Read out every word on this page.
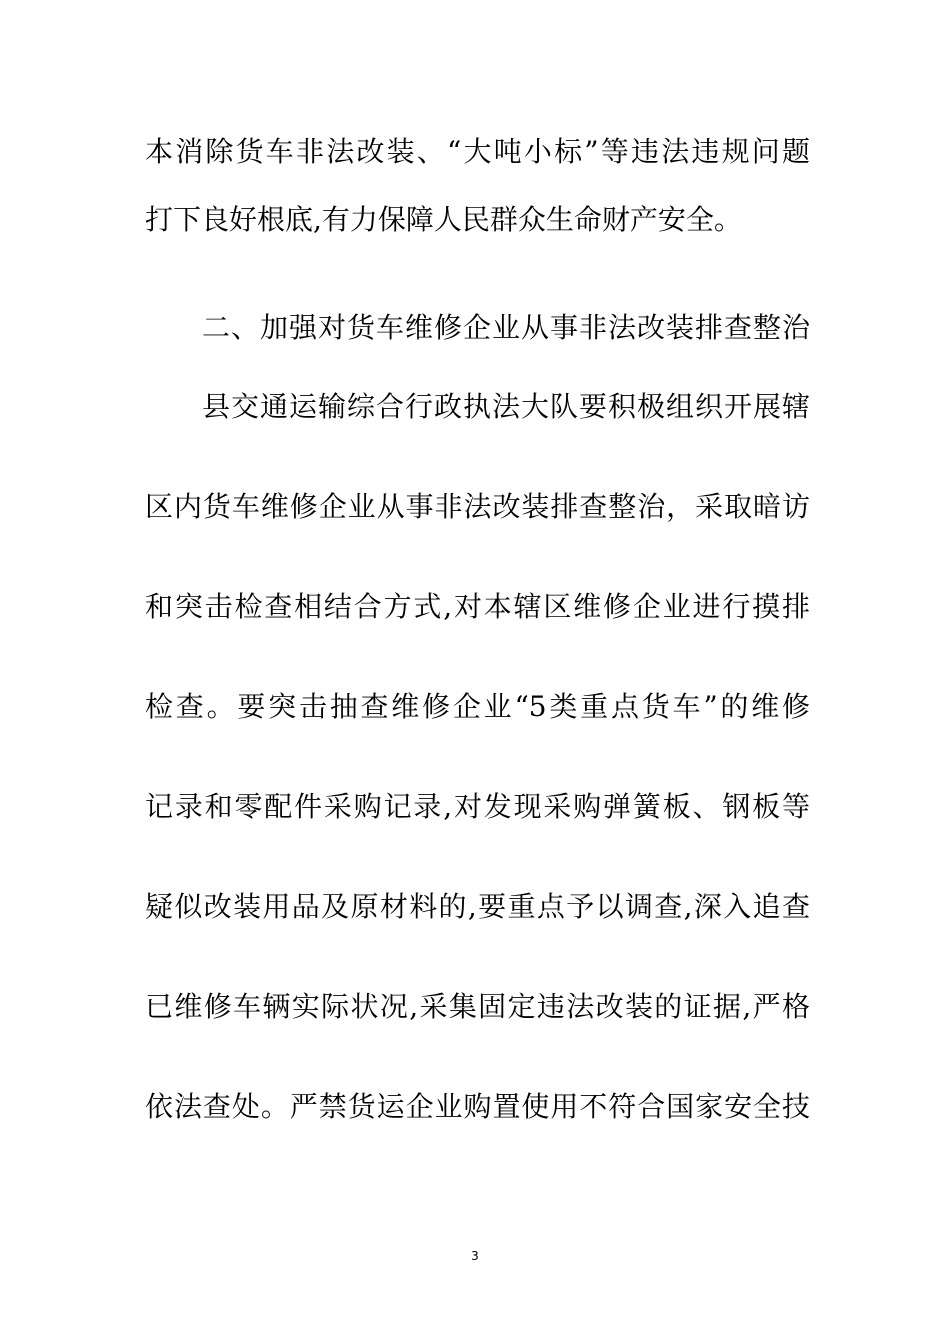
本消除货车非法改装、“大吨小标”等违法违规问题
打下良好根底,有力保障人民群众生命财产安全。
二、加强对货车维修企业从事非法改装排查整治
县交通运输综合行政执法大队要积极组织开展辖
区内货车维修企业从事非法改装排查整治，采取暗访
和突击检查相结合方式,对本辖区维修企业进行摸排
检查。要突击抽查维修企业“5类重点货车”的维修
记录和零配件采购记录,对发现采购弹簧板、钢板等
疑似改装用品及原材料的,要重点予以调查,深入追查
已维修车辆实际状况,采集固定违法改装的证据,严格
依法查处。严禁货运企业购置使用不符合国家安全技
3
